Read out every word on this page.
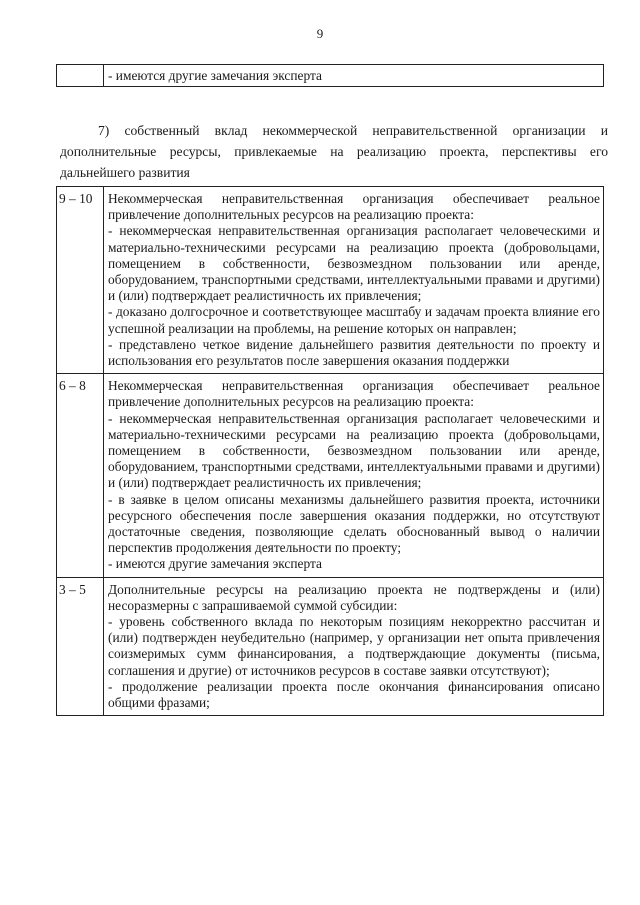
9
	- имеются другие замечания эксперта

7) собственный вклад некоммерческой неправительственной организации и дополнительные ресурсы, привлекаемые на реализацию проекта, перспективы его дальнейшего развития

9 – 10	Некоммерческая неправительственная организация обеспечивает реальное привлечение дополнительных ресурсов на реализацию проекта:
- некоммерческая неправительственная организация располагает человеческими и материально-техническими ресурсами на реализацию проекта (добровольцами, помещением в собственности, безвозмездном пользовании или аренде, оборудованием, транспортными средствами, интеллектуальными правами и другими) и (или) подтверждает реалистичность их привлечения;
- доказано долгосрочное и соответствующее масштабу и задачам проекта влияние его успешной реализации на проблемы, на решение которых он направлен;
- представлено четкое видение дальнейшего развития деятельности по проекту и использования его результатов после завершения оказания поддержки

6 – 8	Некоммерческая неправительственная организация обеспечивает реальное привлечение дополнительных ресурсов на реализацию проекта:
- некоммерческая неправительственная организация располагает человеческими и материально-техническими ресурсами на реализацию проекта (добровольцами, помещением в собственности, безвозмездном пользовании или аренде, оборудованием, транспортными средствами, интеллектуальными правами и другими) и (или) подтверждает реалистичность их привлечения;
- в заявке в целом описаны механизмы дальнейшего развития проекта, источники ресурсного обеспечения после завершения оказания поддержки, но отсутствуют достаточные сведения, позволяющие сделать обоснованный вывод о наличии перспектив продолжения деятельности по проекту;
- имеются другие замечания эксперта

3 – 5	Дополнительные ресурсы на реализацию проекта не подтверждены и (или) несоразмерны с запрашиваемой суммой субсидии:
- уровень собственного вклада по некоторым позициям некорректно рассчитан и (или) подтвержден неубедительно (например, у организации нет опыта привлечения соизмеримых сумм финансирования, а подтверждающие документы (письма, соглашения и другие) от источников ресурсов в составе заявки отсутствуют);
- продолжение реализации проекта после окончания финансирования описано общими фразами;
